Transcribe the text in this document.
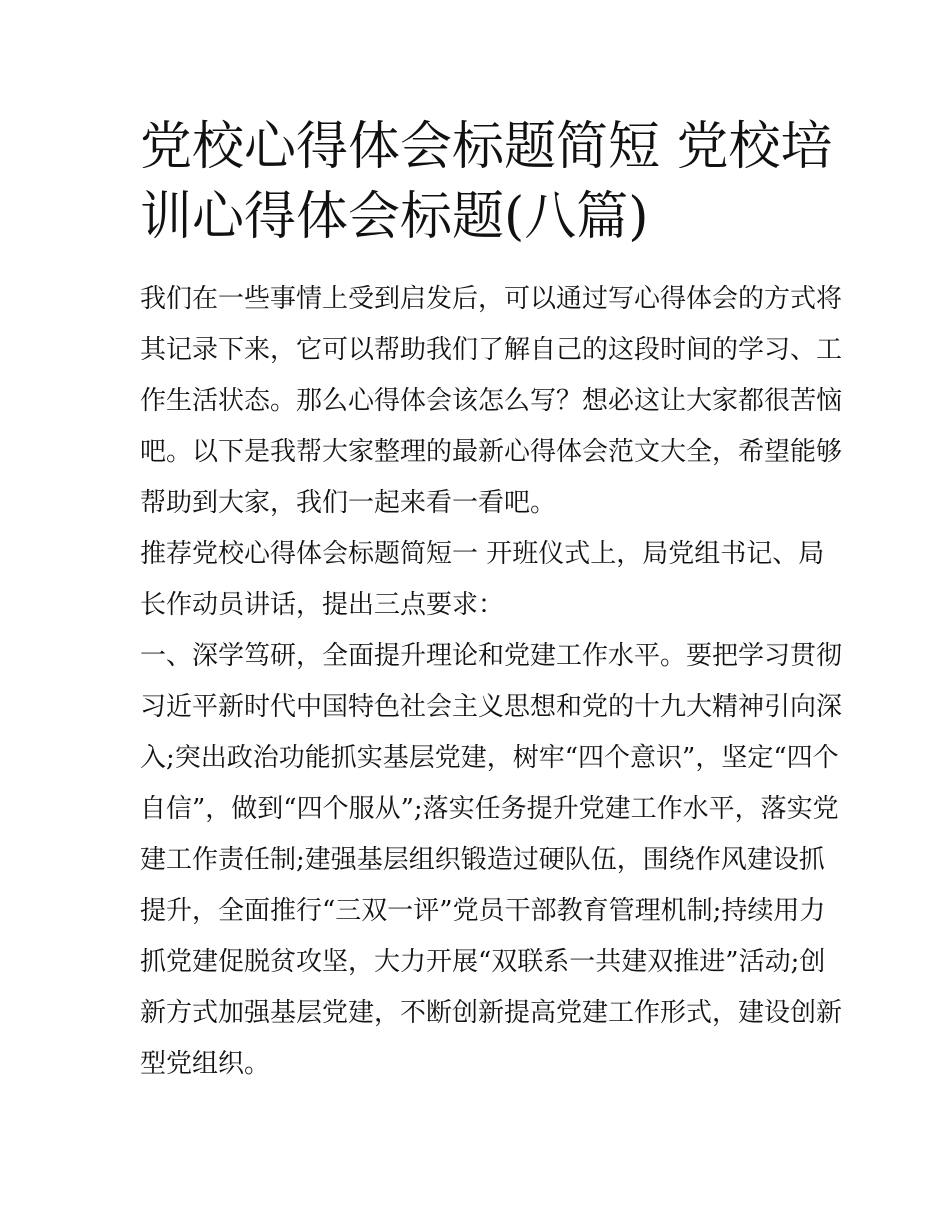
党校心得体会标题简短 党校培
训心得体会标题(八篇)
我们在一些事情上受到启发后，可以通过写心得体会的方式将
其记录下来，它可以帮助我们了解自己的这段时间的学习、工
作生活状态。那么心得体会该怎么写？想必这让大家都很苦恼
吧。以下是我帮大家整理的最新心得体会范文大全，希望能够
帮助到大家，我们一起来看一看吧。
推荐党校心得体会标题简短一 开班仪式上，局党组书记、局
长作动员讲话，提出三点要求：
一、深学笃研，全面提升理论和党建工作水平。要把学习贯彻
习近平新时代中国特色社会主义思想和党的十九大精神引向深
入;突出政治功能抓实基层党建，树牢“四个意识”，坚定“四个
自信”，做到“四个服从”;落实任务提升党建工作水平，落实党
建工作责任制;建强基层组织锻造过硬队伍，围绕作风建设抓
提升，全面推行“三双一评”党员干部教育管理机制;持续用力
抓党建促脱贫攻坚，大力开展“双联系一共建双推进”活动;创
新方式加强基层党建，不断创新提高党建工作形式，建设创新
型党组织。
